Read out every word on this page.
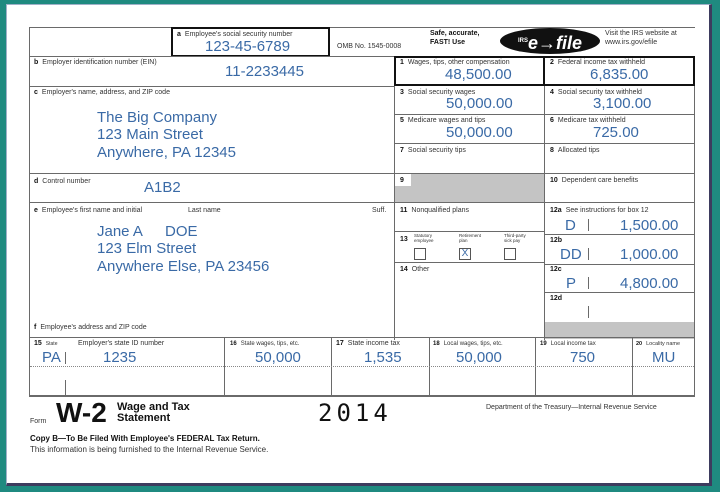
a Employee's social security number
123-45-6789	OMB No. 1545-0008
Safe, accurate,
FAST! Use	$^{IRS}$e→file	Visit the IRS website at
www.irs.gov/efile
b Employer identification number (EIN)
11-2233445
1 Wages, tips, other compensation
48,500.00
2 Federal income tax withheld
6,835.00
c Employer's name, address, and ZIP code
The Big Company
123 Main Street
Anywhere, PA 12345
3 Social security wages
50,000.00
4 Social security tax withheld
3,100.00
5 Medicare wages and tips
50,000.00
6 Medicare tax withheld
725.00
7 Social security tips	8 Allocated tips
d Control number	A1B2	9	10 Dependent care benefits
e Employee's first name and initial	Last name	Suff.
Jane A DOE
123 Elm Street
Anywhere Else, PA 23456
f Employee's address and ZIP code
11 Nonqualified plans
13
Statutory
employee
Retirement
plan
Third-party
sick pay
X
14 Other
12a See instructions for box 12
D	1,500.00
12b
DD	1,000.00
12c
P	4,800.00
12d
15 State	Employer's state ID number
PA	1235
16 State wages, tips, etc.
50,000
17 State income tax
1,535
18 Local wages, tips, etc.
50,000
19 Local income tax
750
20 Locality name
MU
Form W-2 Wage and Tax
Statement	2014	Department of the Treasury—Internal Revenue Service
Copy B—To Be Filed With Employee's FEDERAL Tax Return.
This information is being furnished to the Internal Revenue Service.
